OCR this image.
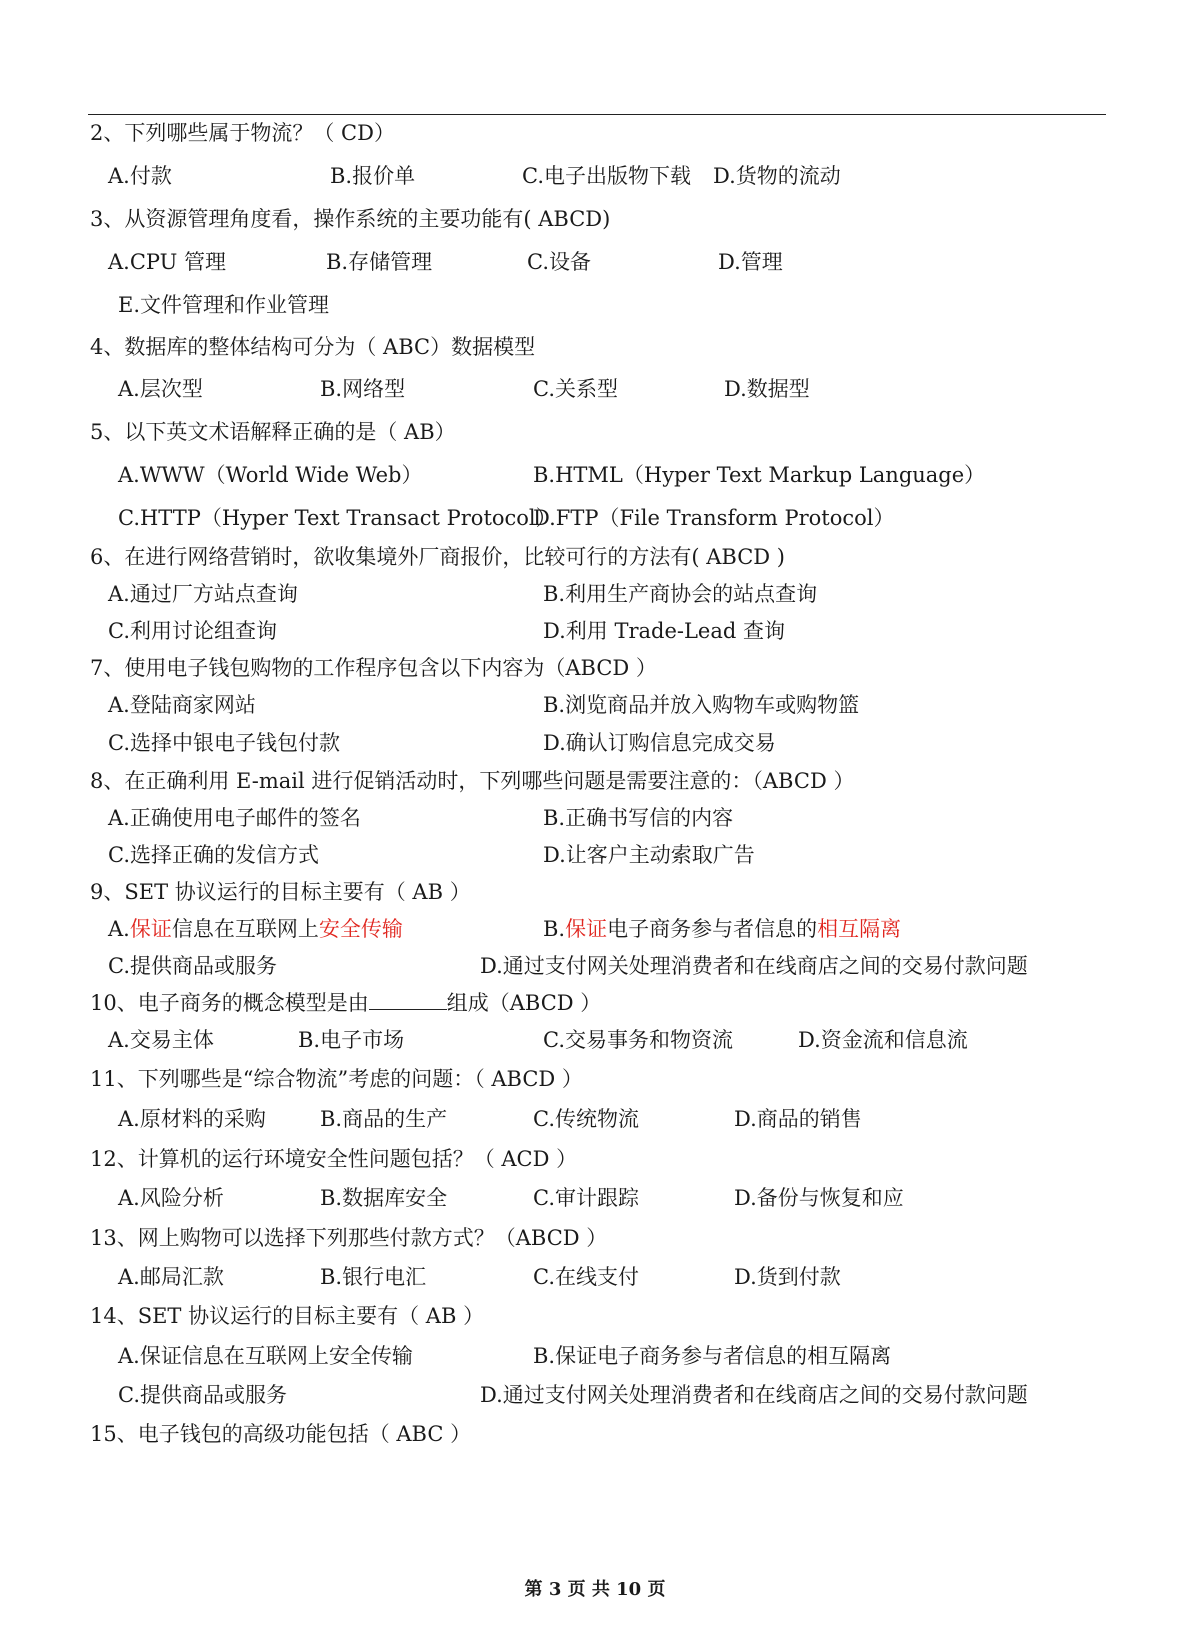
2、下列哪些属于物流？（ CD）
A.付款	B.报价单	C.电子出版物下载 D.货物的流动
3、从资源管理角度看，操作系统的主要功能有( ABCD)
A.CPU 管理	B.存储管理	C.设备	D.管理
E.文件管理和作业管理
4、数据库的整体结构可分为（ ABC）数据模型
A.层次型	B.网络型	C.关系型	D.数据型
5、以下英文术语解释正确的是（ AB）
A.WWW（World Wide Web）	B.HTML（Hyper Text Markup Language）
C.HTTP（Hyper Text Transact Protocol）
D.FTP（File Transform Protocol）
6、在进行网络营销时，欲收集境外厂商报价，比较可行的方法有( ABCD )
A.通过厂方站点查询	B.利用生产商协会的站点查询
C.利用讨论组查询	D.利用 Trade-Lead 查询
7、使用电子钱包购物的工作程序包含以下内容为（ABCD ）
A.登陆商家网站	B.浏览商品并放入购物车或购物篮
C.选择中银电子钱包付款	D.确认订购信息完成交易
8、在正确利用 E-mail 进行促销活动时，下列哪些问题是需要注意的：（ABCD ）
A.正确使用电子邮件的签名	B.正确书写信的内容
C.选择正确的发信方式	D.让客户主动索取广告
9、SET 协议运行的目标主要有（ AB ）
A.保证信息在互联网上安全传输	B.保证电子商务参与者信息的相互隔离
C.提供商品或服务	D.通过支付网关处理消费者和在线商店之间的交易付款问题
10、电子商务的概念模型是由	组成（ABCD ）
A.交易主体	B.电子市场	C.交易事务和物资流	D.资金流和信息流
11、下列哪些是“综合物流”考虑的问题：（ ABCD ）
A.原材料的采购	B.商品的生产	C.传统物流	D.商品的销售
12、计算机的运行环境安全性问题包括？（ ACD ）
A.风险分析	B.数据库安全	C.审计跟踪	D.备份与恢复和应
13、网上购物可以选择下列那些付款方式？（ABCD ）
A.邮局汇款	B.银行电汇	C.在线支付	D.货到付款
14、SET 协议运行的目标主要有（ AB ）
A.保证信息在互联网上安全传输	B.保证电子商务参与者信息的相互隔离
C.提供商品或服务	D.通过支付网关处理消费者和在线商店之间的交易付款问题
15、电子钱包的高级功能包括（ ABC ）
第 3 页 共 10 页
